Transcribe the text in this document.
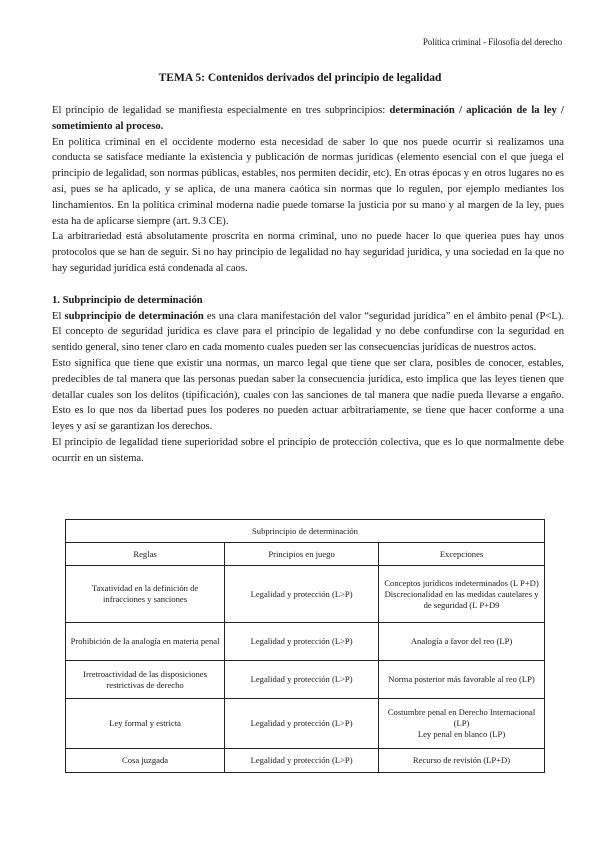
Política criminal - Filosofía del derecho
TEMA 5: Contenidos derivados del principio de legalidad

El principio de legalidad se manifiesta especialmente en tres subprincipios: determinación / aplicación de la ley / sometimiento al proceso.

En política criminal en el occidente moderno esta necesidad de saber lo que nos puede ocurrir si realizamos una conducta se satisface mediante la existencia y publicación de normas jurídicas (elemento esencial con el que juega el principio de legalidad, son normas públicas, estables, nos permiten decidir, etc). En otras épocas y en otros lugares no es así, pues se ha aplicado, y se aplica, de una manera caótica sin normas que lo regulen, por ejemplo mediantes los linchamientos. En la política criminal moderna nadie puede tomarse la justicia por su mano y al margen de la ley, pues esta ha de aplicarse siempre (art. 9.3 CE).

La arbitrariedad está absolutamente proscrita en norma criminal, uno no puede hacer lo que queriea pues hay unos protocolos que se han de seguir. Si no hay principio de legalidad no hay seguridad jurídica, y una sociedad en la que no hay seguridad jurídica está condenada al caos.

1. Subprincipio de determinación

El subprincipio de determinación es una clara manifestación del valor “seguridad jurídica” en el ámbito penal (P<L). El concepto de seguridad jurídica es clave para el principio de legalidad y no debe confundirse con la seguridad en sentido general, sino tener claro en cada momento cuales pueden ser las consecuencias jurídicas de nuestros actos.

Esto significa que tiene que existir una normas, un marco legal que tiene que ser clara, posibles de conocer, estables, predecibles de tal manera que las personas puedan saber la consecuencia jurídica, esto implica que las leyes tienen que detallar cuales son los delitos (tipificación), cuales con las sanciones de tal manera que nadie pueda llevarse a engaño. Esto es lo que nos da libertad pues los poderes no pueden actuar arbitrariamente, se tiene que hacer conforme a una leyes y así se garantizan los derechos.

El principio de legalidad tiene superioridad sobre el principio de protección colectiva, que es lo que normalmente debe ocurrir en un sistema.

Subprincipio de determinación		
Reglas	Principios en juego	Excepciones
Taxatividad en la definición de infracciones y sanciones	Legalidad y protección (L>P)	Conceptos jurídicos indeterminados (L P+D)
Discrecionalidad en las medidas cautelares y de seguridad (L P+D9

Prohibición de la analogía en materia penal	Legalidad y protección (L>P)	Analogía a favor del reo (LP)

Irretroactividad de las disposiciones restrictivas de derecho	Legalidad y protección (L>P)	Norma posterior más favorable al reo (LP)

Ley formal y estricta	Legalidad y protección (L>P)	Costumbre penal en Derecho Internacional (LP)
Ley penal en blanco (LP)

Cosa juzgada	Legalidad y protección (L>P)	Recurso de revisión (LP+D)
